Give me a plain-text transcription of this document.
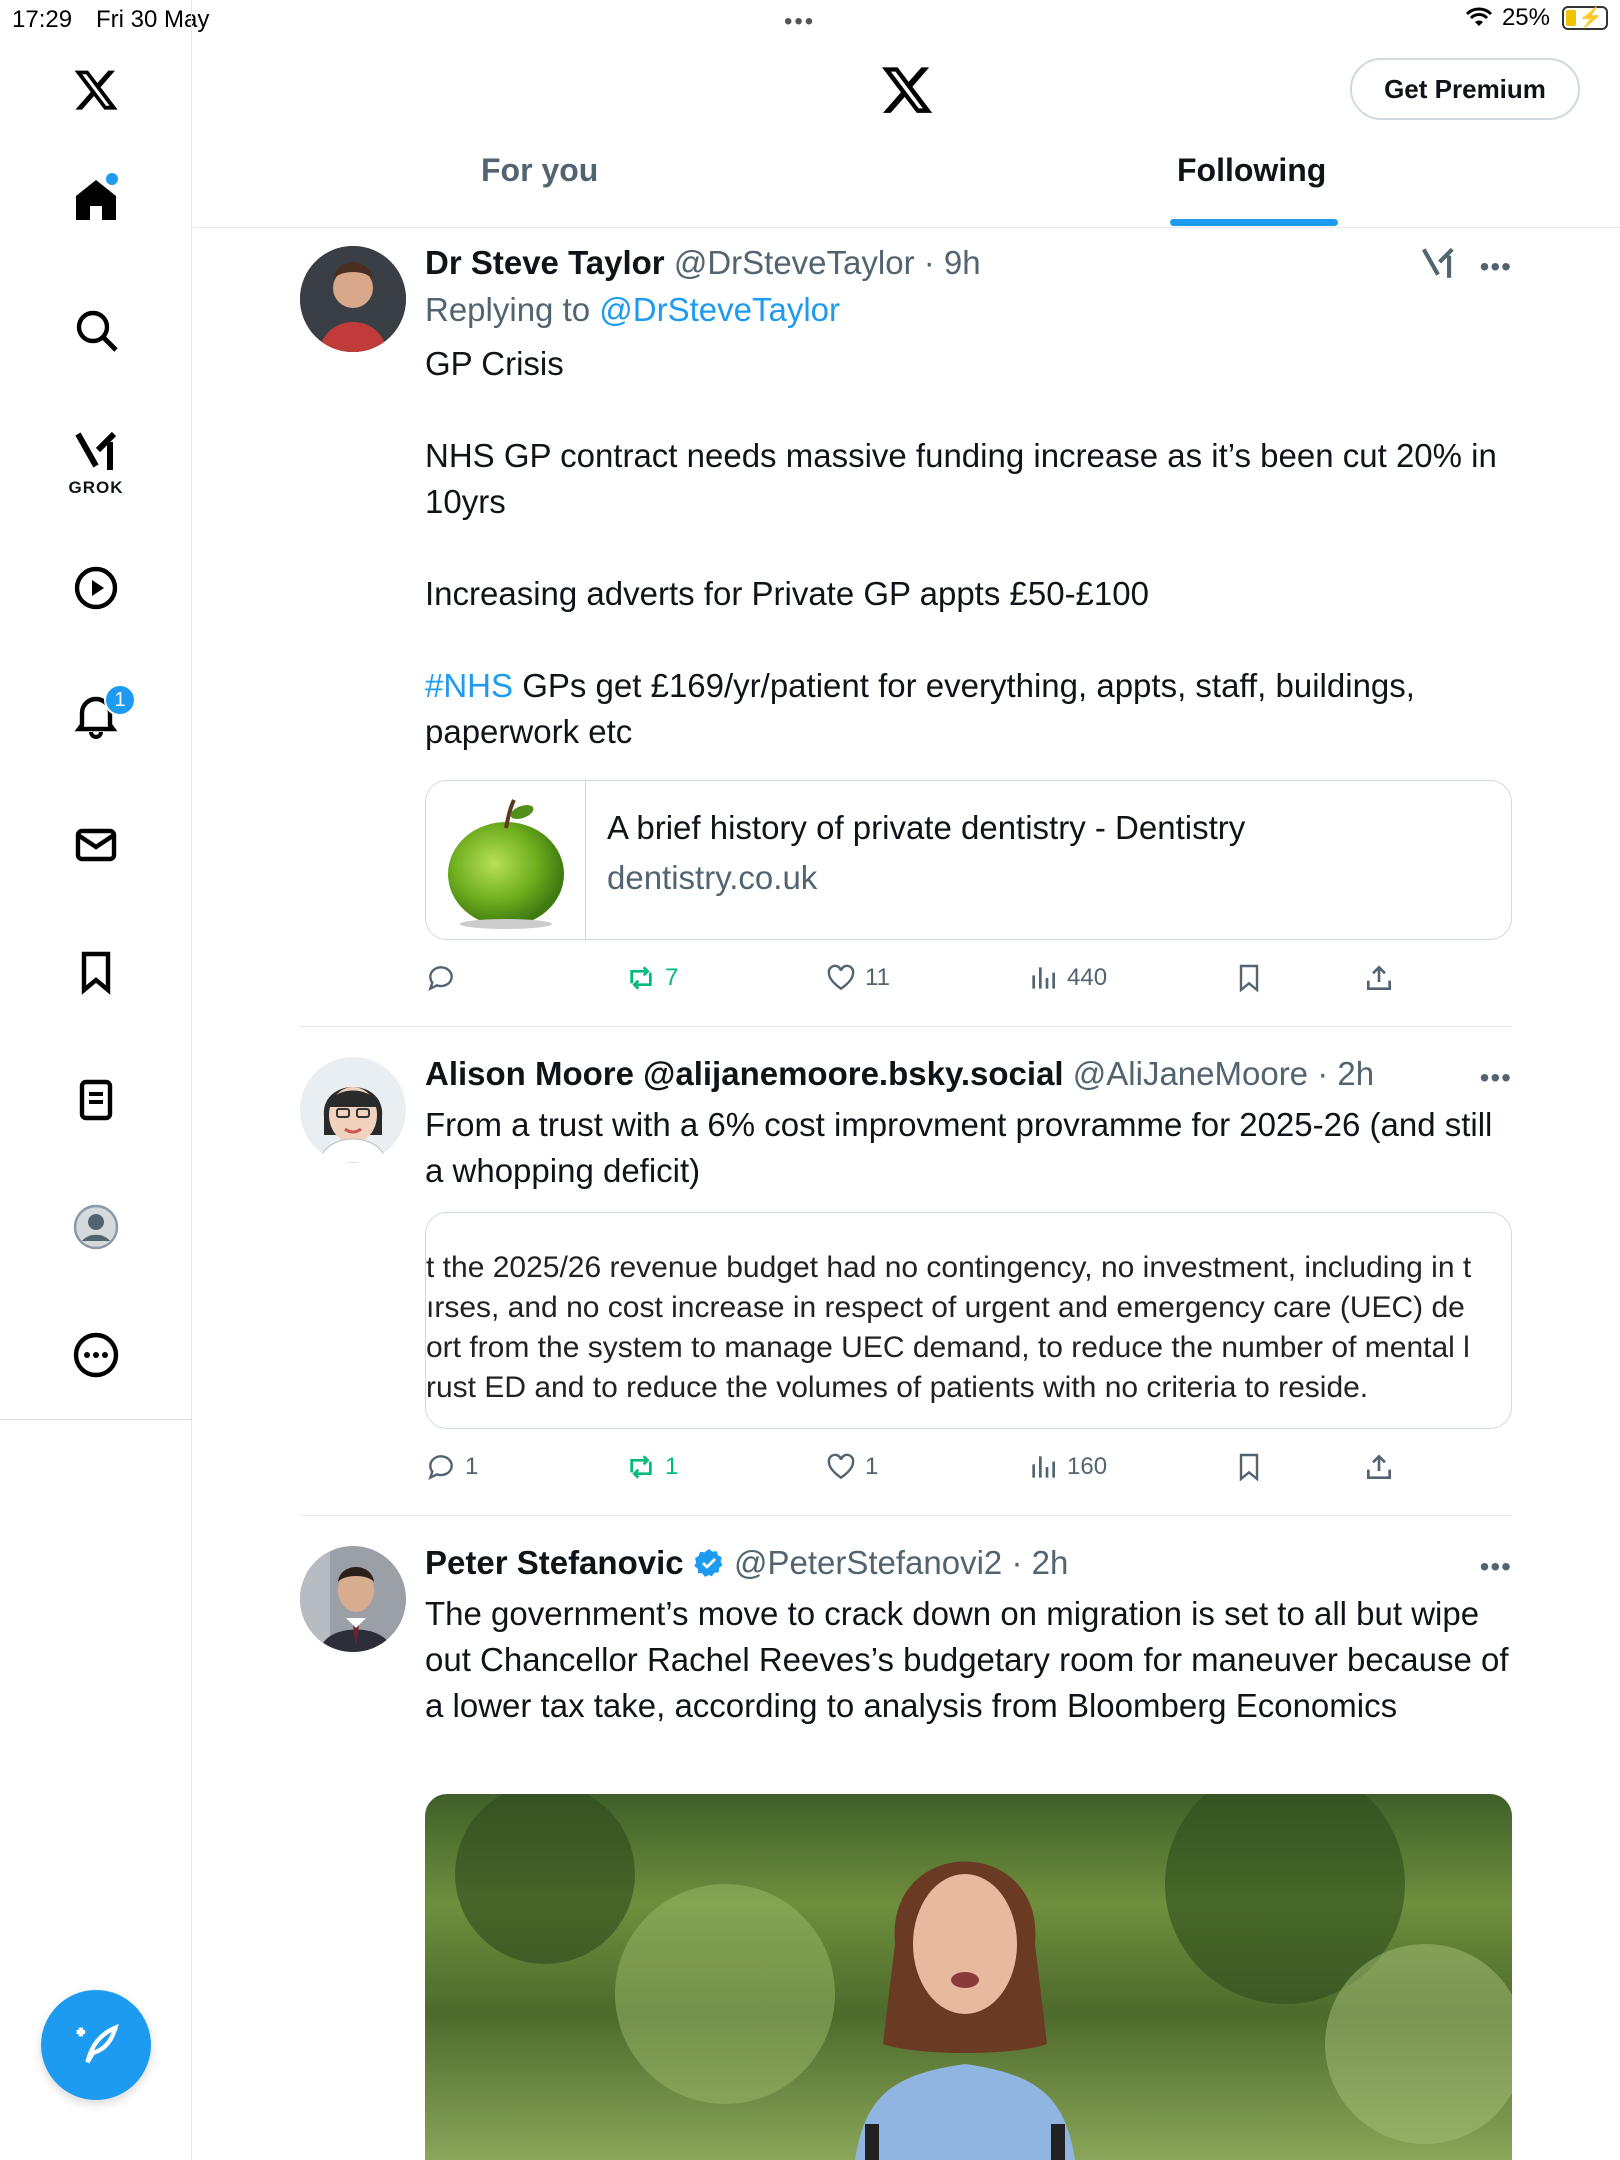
17:29 Fri 30 May	•••	25% ⚡
GROK
1
Get Premium
For you	Following
Dr Steve Taylor @DrSteveTaylor · 9h	•••
Replying to @DrSteveTaylor
GP Crisis
NHS GP contract needs massive funding increase as it’s been cut 20% in 10yrs
Increasing adverts for Private GP appts £50-£100
#NHS GPs get £169/yr/patient for everything, appts, staff, buildings, paperwork etc
A brief history of private dentistry - Dentistry
dentistry.co.uk
7	11	440
Alison Moore @alijanemoore.bsky.social @AliJaneMoore · 2h	•••
From a trust with a 6% cost improvment provramme for 2025-26 (and still a whopping deficit)
t the 2025/26 revenue budget had no contingency, no investment, including in t
ırses, and no cost increase in respect of urgent and emergency care (UEC) de
ort from the system to manage UEC demand, to reduce the number of mental l
rust ED and to reduce the volumes of patients with no criteria to reside.
1	1	1	160
Peter Stefanovic @PeterStefanovi2 · 2h	•••
The government’s move to crack down on migration is set to all but wipe out Chancellor Rachel Reeves’s budgetary room for maneuver because of a lower tax take, according to analysis from Bloomberg Economics
